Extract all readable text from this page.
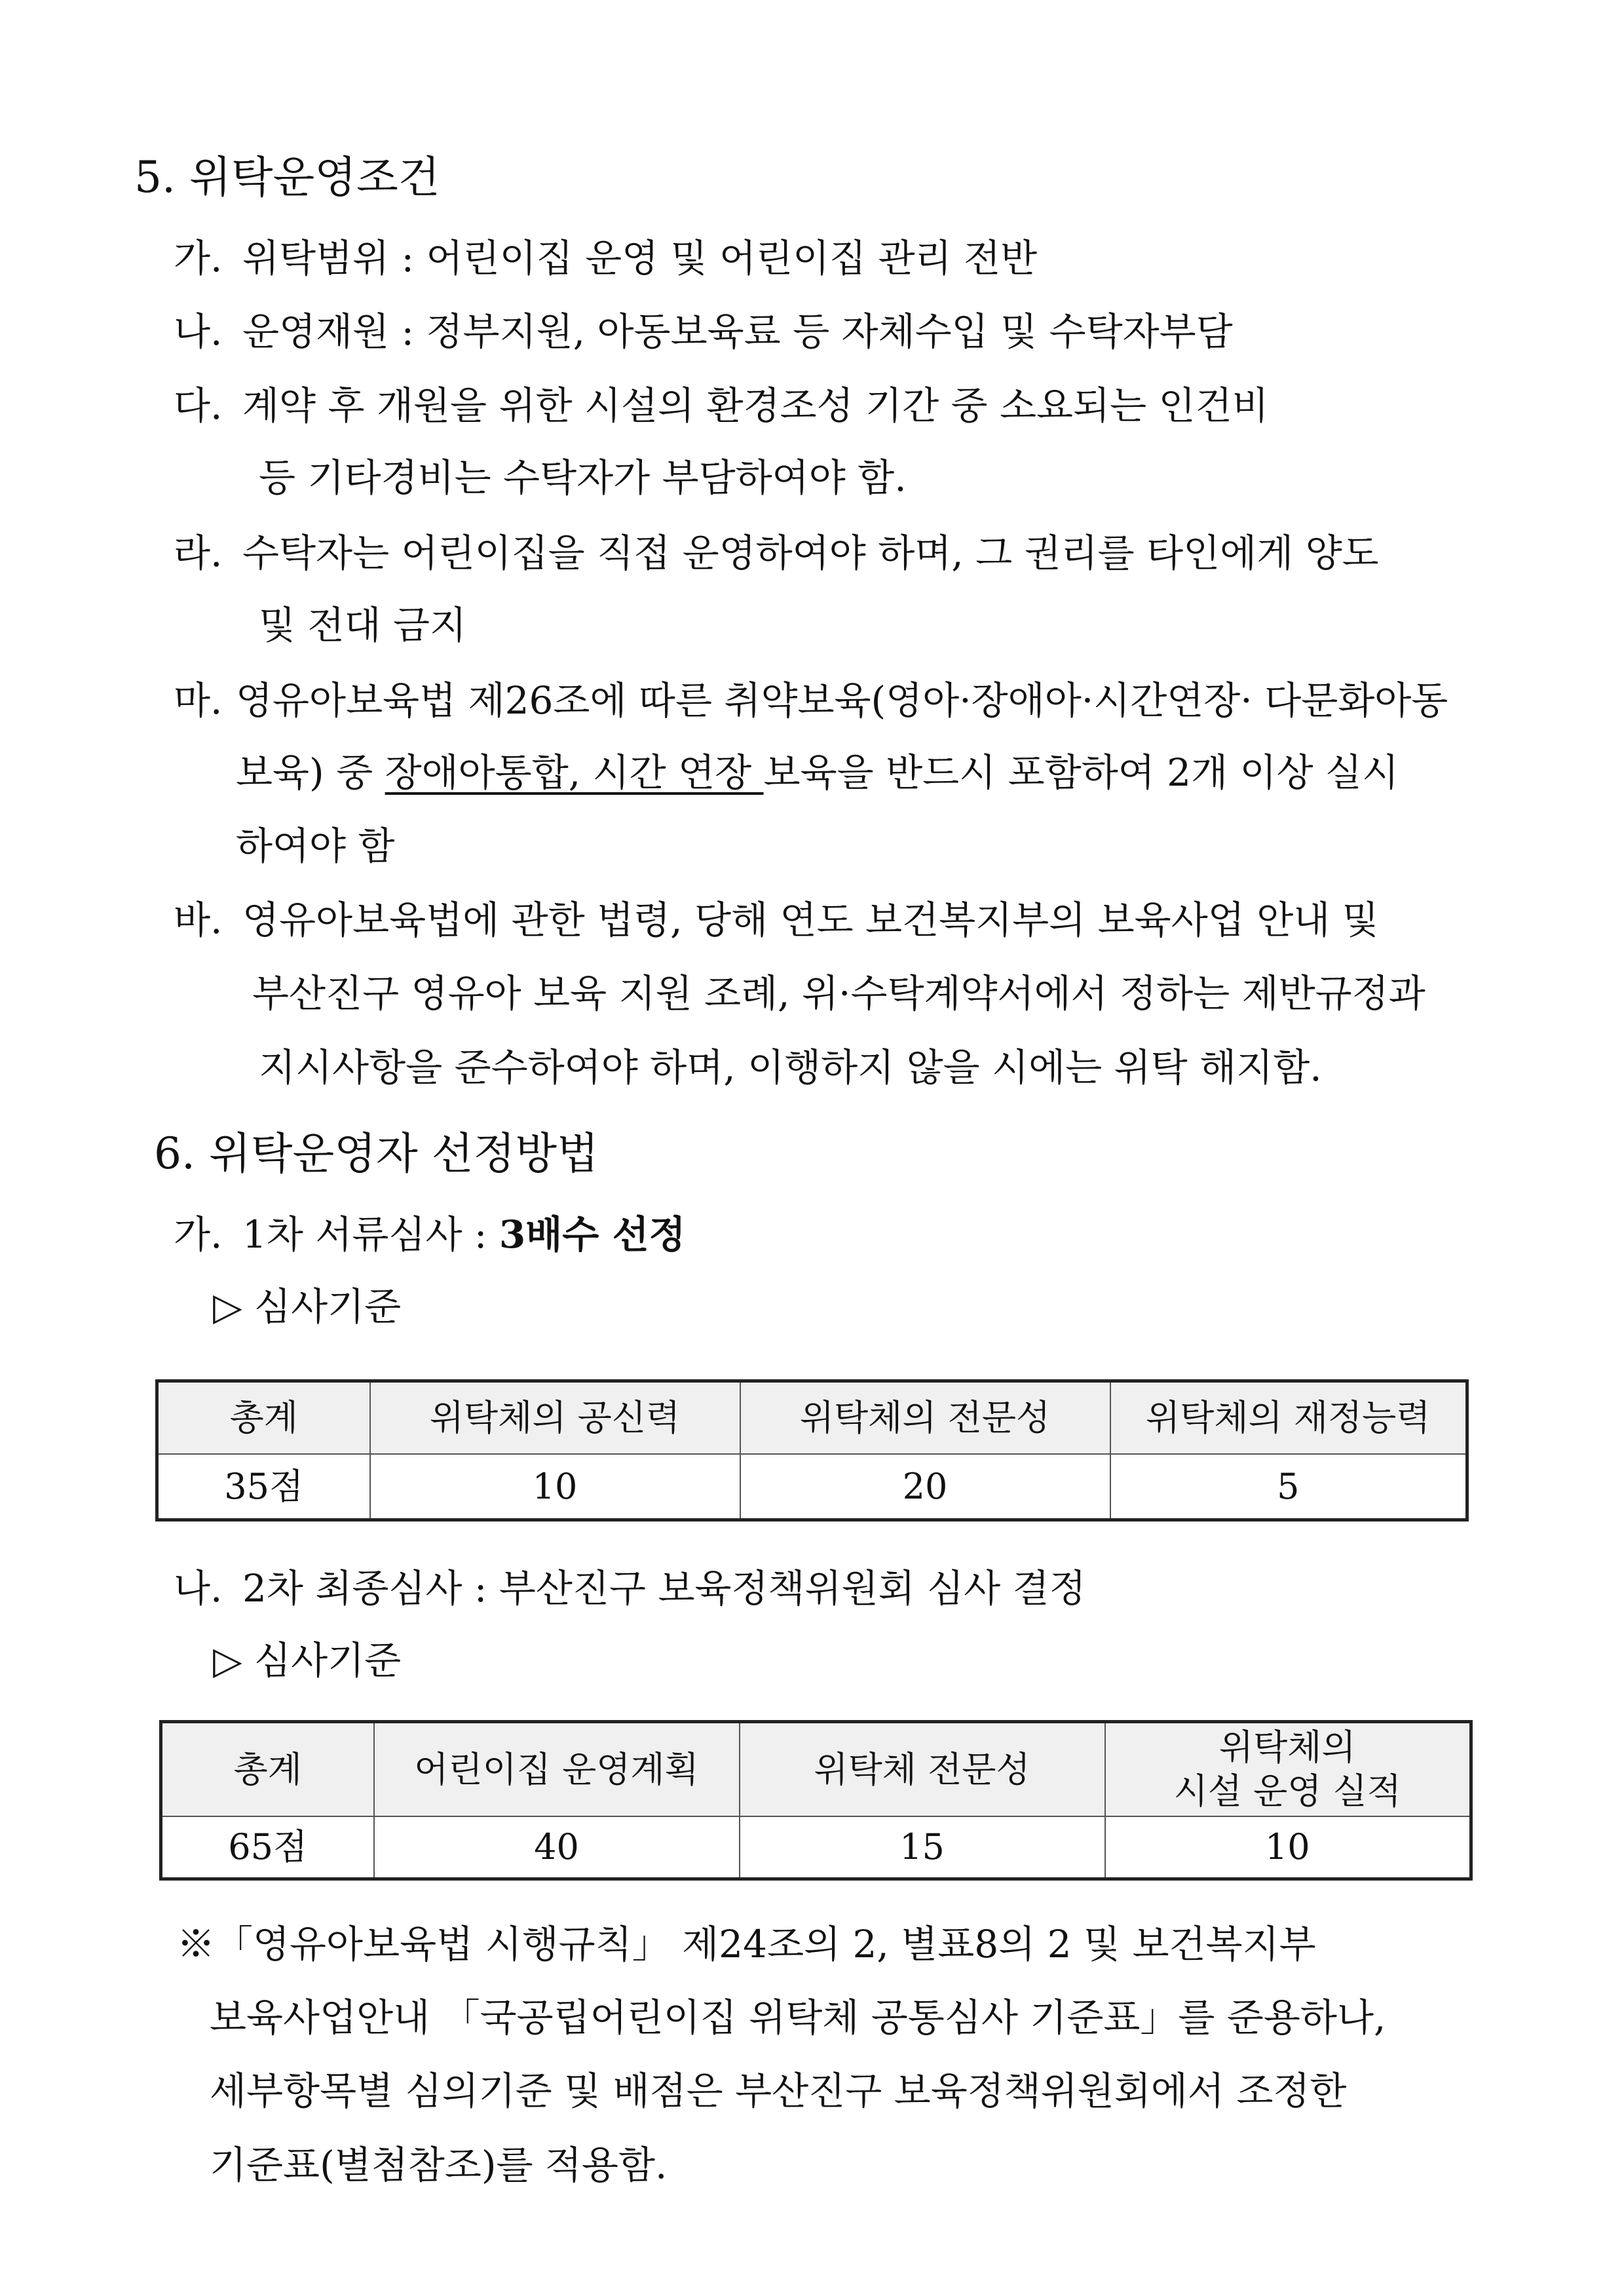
5. 위탁운영조건
가. 위탁범위 : 어린이집 운영 및 어린이집 관리 전반
나. 운영재원 : 정부지원, 아동보육료 등 자체수입 및 수탁자부담
다. 계약 후 개원을 위한 시설의 환경조성 기간 중 소요되는 인건비
등 기타경비는 수탁자가 부담하여야 함.
라. 수탁자는 어린이집을 직접 운영하여야 하며, 그 권리를 타인에게 양도
및 전대 금지
마. 영유아보육법 제26조에 따른 취약보육(영아·장애아·시간연장· 다문화아동
보육) 중 장애아통합, 시간 연장 보육을 반드시 포함하여 2개 이상 실시
하여야 함
바. 영유아보육법에 관한 법령, 당해 연도 보건복지부의 보육사업 안내 및
부산진구 영유아 보육 지원 조례, 위·수탁계약서에서 정하는 제반규정과
지시사항을 준수하여야 하며, 이행하지 않을 시에는 위탁 해지함.
6. 위탁운영자 선정방법
가. 1차 서류심사 : 3배수 선정
▷ 심사기준
총계	위탁체의 공신력	위탁체의 전문성	위탁체의 재정능력
35점	10	20	5
나. 2차 최종심사 : 부산진구 보육정책위원회 심사 결정
▷ 심사기준
총계	어린이집 운영계획	위탁체 전문성	위탁체의
시설 운영 실적

65점	40	15	10
※「영유아보육법 시행규칙」 제24조의 2, 별표8의 2 및 보건복지부
보육사업안내 「국공립어린이집 위탁체 공통심사 기준표」를 준용하나,
세부항목별 심의기준 및 배점은 부산진구 보육정책위원회에서 조정한
기준표(별첨참조)를 적용함.
